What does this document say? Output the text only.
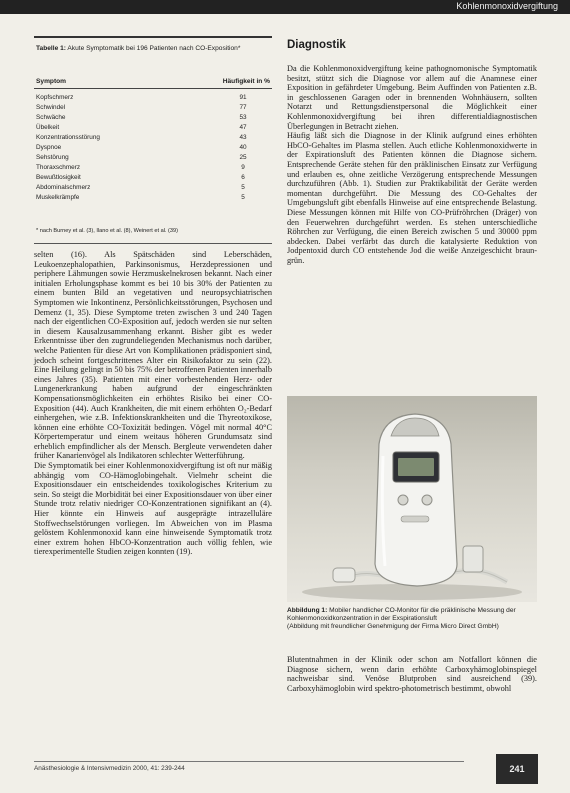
Kohlenmonoxidvergiftung
Tabelle 1: Akute Symptomatik bei 196 Patienten nach CO-Exposition*
Symptom	Häufigkeit in %
Kopfschmerz	91
Schwindel	77
Schwäche	53
Übelkeit	47
Konzentrationsstörung	43
Dyspnoe	40
Sehstörung	25
Thoraxschmerz	9
Bewußtlosigkeit	6
Abdominalschmerz	5
Muskelkrämpfe	5
* nach Burney et al. (3), Ilano et al. (8), Weinert et al. (39)

selten (16). Als Spätschäden sind Leberschäden, Leukoenzephalopathien, Parkinsonismus, Herzdepressionen und periphere Lähmungen sowie Herzmuskelnekrosen bekannt. Nach einer initialen Erholungsphase kommt es bei 10 bis 30% der Patienten zu einem bunten Bild an vegetativen und neuropsychiatrischen Symptomen wie Inkontinenz, Persönlichkeitsstörungen, Psychosen und Demenz (1, 35). Diese Symptome treten zwischen 3 und 240 Tagen nach der eigentlichen CO-Exposition auf, jedoch werden sie nur selten in diesem Kausalzusammenhang erkannt. Bisher gibt es weder Erkenntnisse über den zugrundeliegenden Mechanismus noch darüber, welche Patienten für diese Art von Komplikationen prädisponiert sind, jedoch scheint fortgeschrittenes Alter ein Risikofaktor zu sein (22). Eine Heilung gelingt in 50 bis 75% der betroffenen Patienten innerhalb eines Jahres (35). Patienten mit einer vorbestehenden Herz- oder Lungenerkrankung haben aufgrund der eingeschränkten Kompensationsmöglichkeiten ein erhöhtes Risiko bei einer CO-Exposition (44). Auch Krankheiten, die mit einem erhöhten O₂-Bedarf einhergehen, wie z.B. Infektionskrankheiten und die Thyreotoxikose, können eine erhöhte CO-Toxizität bedingen. Vögel mit normal 40°C Körpertemperatur und einem weitaus höheren Grundumsatz sind erheblich empfindlicher als der Mensch. Bergleute verwendeten daher früher Kanarienvögel als Indikatoren schlechter Wetterführung.

Die Symptomatik bei einer Kohlenmonoxidvergiftung ist oft nur mäßig abhängig vom CO-Hämoglobingehalt. Vielmehr scheint die Expositionsdauer ein entscheidendes toxikologisches Kriterium zu sein. So steigt die Morbidität bei einer Expositionsdauer von über einer Stunde trotz relativ niedriger CO-Konzentrationen signifikant an (4). Hier könnte ein Hinweis auf ausgeprägte intrazelluläre Stoffwechselstörungen vorliegen. Im Abweichen von im Plasma gelöstem Kohlenmonoxid kann eine hinweisende Symptomatik trotz einer extrem hohen HbCO-Konzentration auch völlig fehlen, wie tierexperimentelle Studien zeigen konnten (19).

Diagnostik

Da die Kohlenmonoxidvergiftung keine pathognomonische Symptomatik besitzt, stützt sich die Diagnose vor allem auf die Anamnese einer Exposition in gefährdeter Umgebung. Beim Auffinden von Patienten z.B. in geschlossenen Garagen oder in brennenden Wohnhäusern, sollten Notarzt und Rettungsdienstpersonal die Möglichkeit einer Kohlenmonoxidvergiftung bei ihren differentialdiagnostischen Überlegungen in Betracht ziehen.

Häufig läßt sich die Diagnose in der Klinik aufgrund eines erhöhten HbCO-Gehaltes im Plasma stellen. Auch etliche Kohlenmonoxidwerte in der Expirationsluft des Patienten können die Diagnose sichern. Entsprechende Geräte stehen für den präklinischen Einsatz zur Verfügung und erlauben es, ohne zeitliche Verzögerung entsprechende Messungen durchzuführen (Abb. 1). Studien zur Praktikabilität der Geräte werden momentan durchgeführt. Die Messung des CO-Gehaltes der Umgebungsluft gibt ebenfalls Hinweise auf eine entsprechende Belastung. Diese Messungen können mit Hilfe von CO-Prüfröhrchen (Dräger) von den Feuerwehren durchgeführt werden. Es stehen unterschiedliche Röhrchen zur Verfügung, die einen Bereich zwischen 5 und 30000 ppm abdecken. Dabei verfärbt das durch die katalysierte Reduktion von Jodpentoxid durch CO entstehende Jod die weiße Anzeigeschicht braun-grün.

Abbildung 1: Mobiler handlicher CO-Monitor für die präklinische Messung der Kohlenmonoxidkonzentration in der Exspirationsluft
(Abbildung mit freundlicher Genehmigung der Firma Micro Direct GmbH)

Blutentnahmen in der Klinik oder schon am Notfallort können die Diagnose sichern, wenn darin erhöhte Carboxyhämoglobinspiegel nachweisbar sind. Venöse Blutproben sind ausreichend (39). Carboxyhämoglobin wird spektro-photometrisch bestimmt, obwohl

Anästhesiologie & Intensivmedizin 2000, 41: 239-244	241
